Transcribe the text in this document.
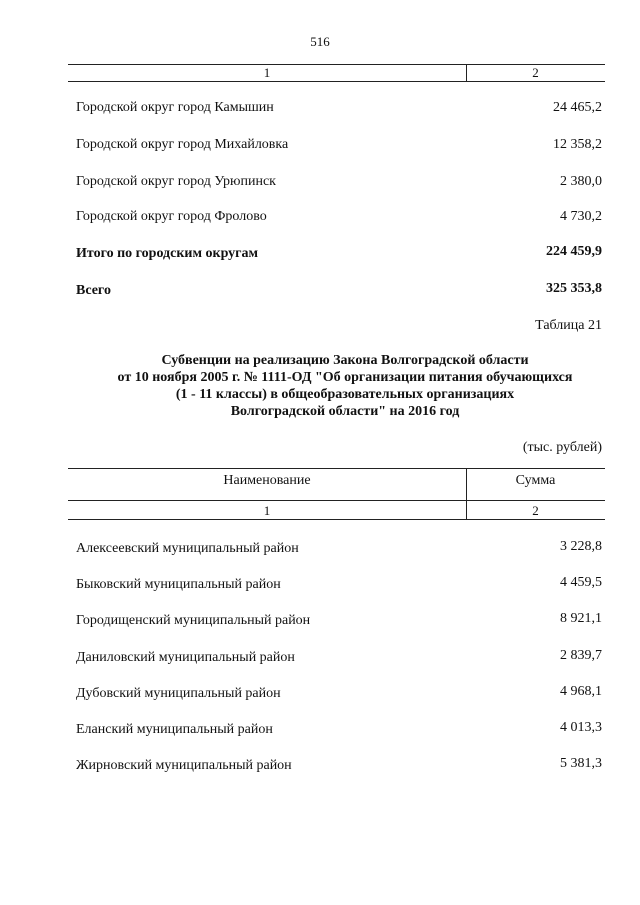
516
1	2
Городской округ город Камышин	24 465,2
Городской округ город Михайловка	12 358,2
Городской округ город Урюпинск	2 380,0
Городской округ город Фролово	4 730,2
Итого по городским округам	224 459,9
Всего	325 353,8
Таблица 21
Субвенции на реализацию Закона Волгоградской области
от 10 ноября 2005 г. № 1111-ОД "Об организации питания обучающихся
(1 - 11 классы) в общеобразовательных организациях
Волгоградской области" на 2016 год
(тыс. рублей)
Наименование	Сумма
1	2
Алексеевский муниципальный район	3 228,8
Быковский муниципальный район	4 459,5
Городищенский муниципальный район	8 921,1
Даниловский муниципальный район	2 839,7
Дубовский муниципальный район	4 968,1
Еланский муниципальный район	4 013,3
Жирновский муниципальный район	5 381,3
